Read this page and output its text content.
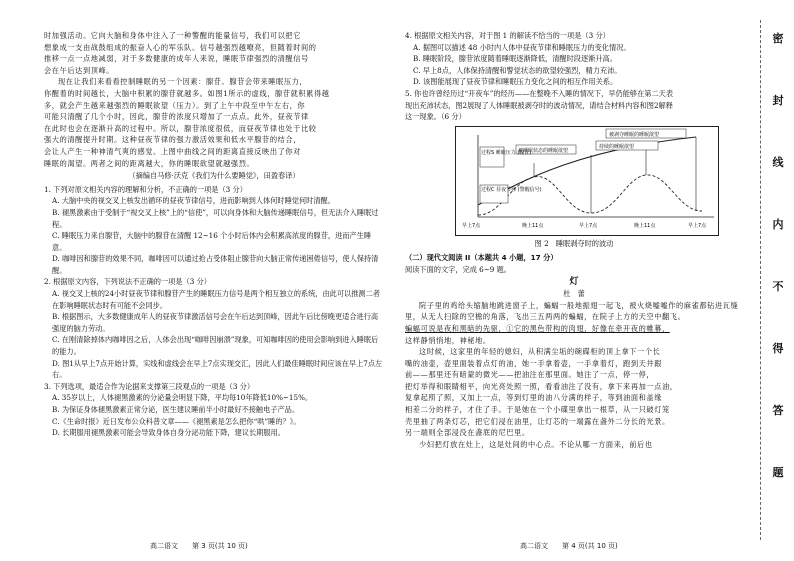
时加强活动。它向大脑和身体中注入了一种警醒的能量信号，我们可以把它

想象成一支由战鼓组成的振奋人心的军乐队。信号越强烈越嘹亮，但随着时间的

推移一点一点地减弱，对于多数健康的成年人来说，睡眠节律强烈的清醒信号

会在午后达到顶峰。

现在让我们来看看控制睡眠的另一个因素：腺苷。腺苷会带来睡眠压力，

你醒着的时间越长，大脑中积累的腺苷就越多。如图1所示的虚线，腺苷就积累得越

多，就会产生越来越强烈的睡眠欲望（压力）。到了上午中段至中午左右，你

可能只清醒了几个小时，因此，腺苷的浓度只增加了一点点。此外，昼夜节律

在此时也会在逐渐升高的过程中。所以，腺苷浓度很低，而昼夜节律也处于比较

强大的清醒提升时期。这种昼夜节律的强力激活效果和低水平腺苷的结合，

会让人产生一种神清气爽的感觉。上图中曲线之间的距离直接反映出了你对

睡眠的渴望。两者之间的距离越大，你的睡眠欲望就越强烈。

（摘编自马修·沃克《我们为什么要睡觉》，田盈春译）

1. 下列对原文相关内容的理解和分析，不正确的一项是（3 分）

A. 大脑中央的视交叉上核发出循环的昼夜节律信号，进而影响到人体何时睡觉何时清醒。

B. 褪黑激素由于受制于“视交叉上核”上的“信使”，可以向身体和大脑传递睡眠信号，但无法介入睡眠过程。

C. 睡眠压力来自腺苷，大脑中的腺苷在清醒 12~16 个小时后体内会积累高浓度的腺苷，进而产生睡意。

D. 咖啡因和腺苷的效果不同，咖啡因可以通过抢占受体阻止腺苷向大脑正常传递困倦信号，使人保持清醒。

2. 根据原文内容，下列说法不正确的一项是（3 分）

A. 视交叉上核的24小时昼夜节律和腺苷产生的睡眠压力信号是两个相互独立的系统，由此可以推测二者在影响睡眠状态时有可能不会同步。

B. 根据图示，大多数健康成年人的昼夜节律激活信号会在午后达到顶峰，因此午后比傍晚更适合进行高强度的脑力劳动。

C. 在刚清除掉体内咖啡因之后，人体会出现“咖啡因崩溃”现象，可知咖啡因的使用会影响到进入睡眠后的能力。

D. 图1从早上7点开始计算，实线和虚线会在早上7点实现交汇，因此人们最佳睡眠时间应该在早上7点左右。

3. 下列选项，最适合作为论据来支撑第三段观点的一项是（3 分）

A. 35岁以上，人体褪黑激素的分泌量会明显下降，平均每10年降低10%~15%。

B. 为保证身体褪黑激素正常分泌，医生建议睡前半小时最好不接触电子产品。

C.《生命时报》近日发布公众科普文章——《褪黑素是怎么把你“哄”睡的？》。

D. 长期服用褪黑激素可能会导致身体自身分泌功能下降，建议长期服用。

高二语文　　第 3 页(共 10 页)

4. 根据原文相关内容，对于图 1 的解读不恰当的一项是（3 分）

A. 据图可以描述 48 小时内人体中昼夜节律和睡眠压力的变化情况。

B. 睡眠阶段，腺苷浓度随着睡眠逐渐降低，清醒时段逐渐升高。

C. 早上8点，人体保持清醒和警觉状态的欲望较强烈，精力充沛。

D. 该图能展现了昼夜节律和睡眠压力变化之间的相互作用关系。

5. 你也许曾经历过“开夜车”的经历——在整晚不入睡的情况下，早仍能够在第二天表

现出充沛状态，图2展现了人体睡眠被剥夺时的波动情况，请结合材料内容和图2解释

这一现象。（6 分）

被剥夺睡眠的睡眠欲望
持续的睡眠欲望
被睡眠状态的睡眠欲望
过程S 睡眠压力 (腺苷)
过程C 昼夜节律 (警醒信号)
早上7点	晚上11点	早上7点	晚上11点	早上7点

图 2　睡眠剥夺时的波动

（二）现代文阅读 II（本题共 4 小题，17 分）

阅读下面的文字，完成 6~9 题。

灯

杜　蕾

院子里的鸡给头缩脑地跳进窗子上，蝙蝠一般地振翅一起飞，被火烧嘘嘘作的麻雀都钻进瓦缝

里，从无人扫除的空檐的角落，飞出三五两两的蝙蝠，在院子上方的天空中翻飞。

蝙蝠可说是夜和黑暗的先驱，①它的黑色带构的肉翅，好像在牵开夜的帷幕，

这样静悄悄地，神秘地。

这时候，这家里的年轻的媳妇，从积满尘垢的碗碟柜的顶上拿下一个长

嘴的油壶，壶里面装着点灯的油，她一手拿着壶，一手拿着灯，跑到天井跟

前——那里还有暗蒙的微光——把油注在那里面。她注了一点，停一停，

把灯举得和眼睛相平，向光亮处照一照，看看油注了没有，拿下来再加一点油，

复拿起照了照，又加上一点，等到灯里的油八分满的样子，等到油面和盖缘

相差二分的样子，才住了手。于是她在一个小碟里拿出一根草，从一只破灯笼

壳里抽了两条灯芯，把它们浸在油里，让灯芯的一端露在盏外二分长的光景。

另一端则全部浸没在盏底的尼巴里。

少妇把灯放在灶上，这是灶间的中心点。不论从哪一方面来，前后也

高二语文　　第 4 页(共 10 页)
密
封
线
内
不
得
答
题
